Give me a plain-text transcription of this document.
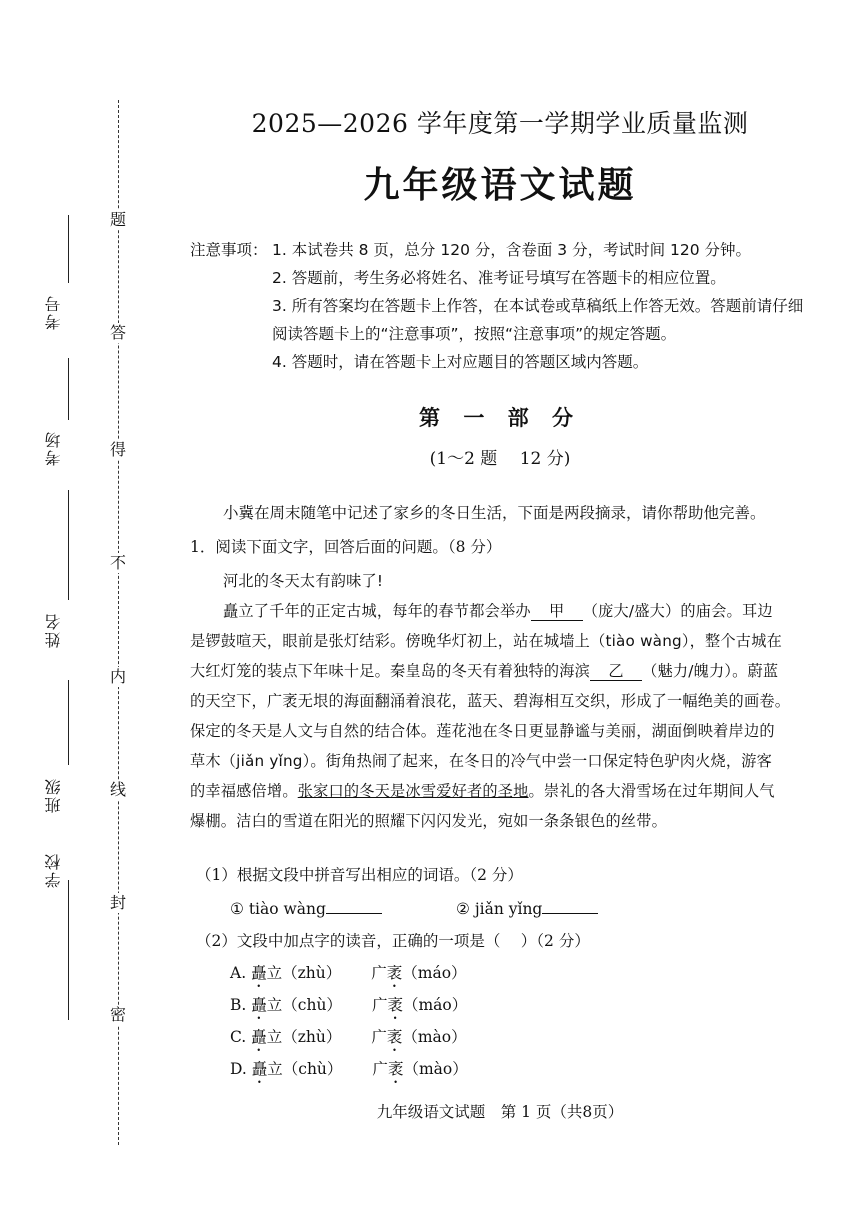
考号
考场
姓名
班级
学校
题
答
得
不
内
线
封
密
2025—2026 学年度第一学期学业质量监测
九年级语文试题
注意事项： 1. 本试卷共 8 页，总分 120 分，含卷面 3 分，考试时间 120 分钟。
2. 答题前，考生务必将姓名、准考证号填写在答题卡的相应位置。
3. 所有答案均在答题卡上作答，在本试卷或草稿纸上作答无效。答题前请仔细阅读答题卡上的“注意事项”，按照“注意事项”的规定答题。
4. 答题时，请在答题卡上对应题目的答题区域内答题。
第 一 部 分
(1～2 题　 12 分)
小冀在周末随笔中记述了家乡的冬日生活，下面是两段摘录，请你帮助他完善。
1．阅读下面文字，回答后面的问题。（8 分）
河北的冬天太有韵味了!
矗立了千年的正定古城，每年的春节都会举办 甲 （庞大/盛大）的庙会。耳边
是锣鼓喧天，眼前是张灯结彩。傍晚华灯初上，站在城墙上（tiào wàng），整个古城在
大红灯笼的装点下年味十足。秦皇岛的冬天有着独特的海滨 乙 （魅力/魄力）。蔚蓝
的天空下，广袤无垠的海面翻涌着浪花，蓝天、碧海相互交织，形成了一幅绝美的画卷。
保定的冬天是人文与自然的结合体。莲花池在冬日更显静谧与美丽，湖面倒映着岸边的
草木（jiǎn yǐng）。街角热闹了起来，在冬日的冷气中尝一口保定特色驴肉火烧，游客
的幸福感倍增。张家口的冬天是冰雪爱好者的圣地。崇礼的各大滑雪场在过年期间人气
爆棚。洁白的雪道在阳光的照耀下闪闪发光，宛如一条条银色的丝带。
（1）根据文段中拼音写出相应的词语。（2 分）
① tiào wàng	② jiǎn yǐng
（2）文段中加点字的读音，正确的一项是（　 ）（2 分）
A. 矗立（zhù） 广袤（máo）
B. 矗立（chù） 广袤（máo）
C. 矗立（zhù） 广袤（mào）
D. 矗立（chù） 广袤（mào）
九年级语文试题　第 1 页（共8页）
